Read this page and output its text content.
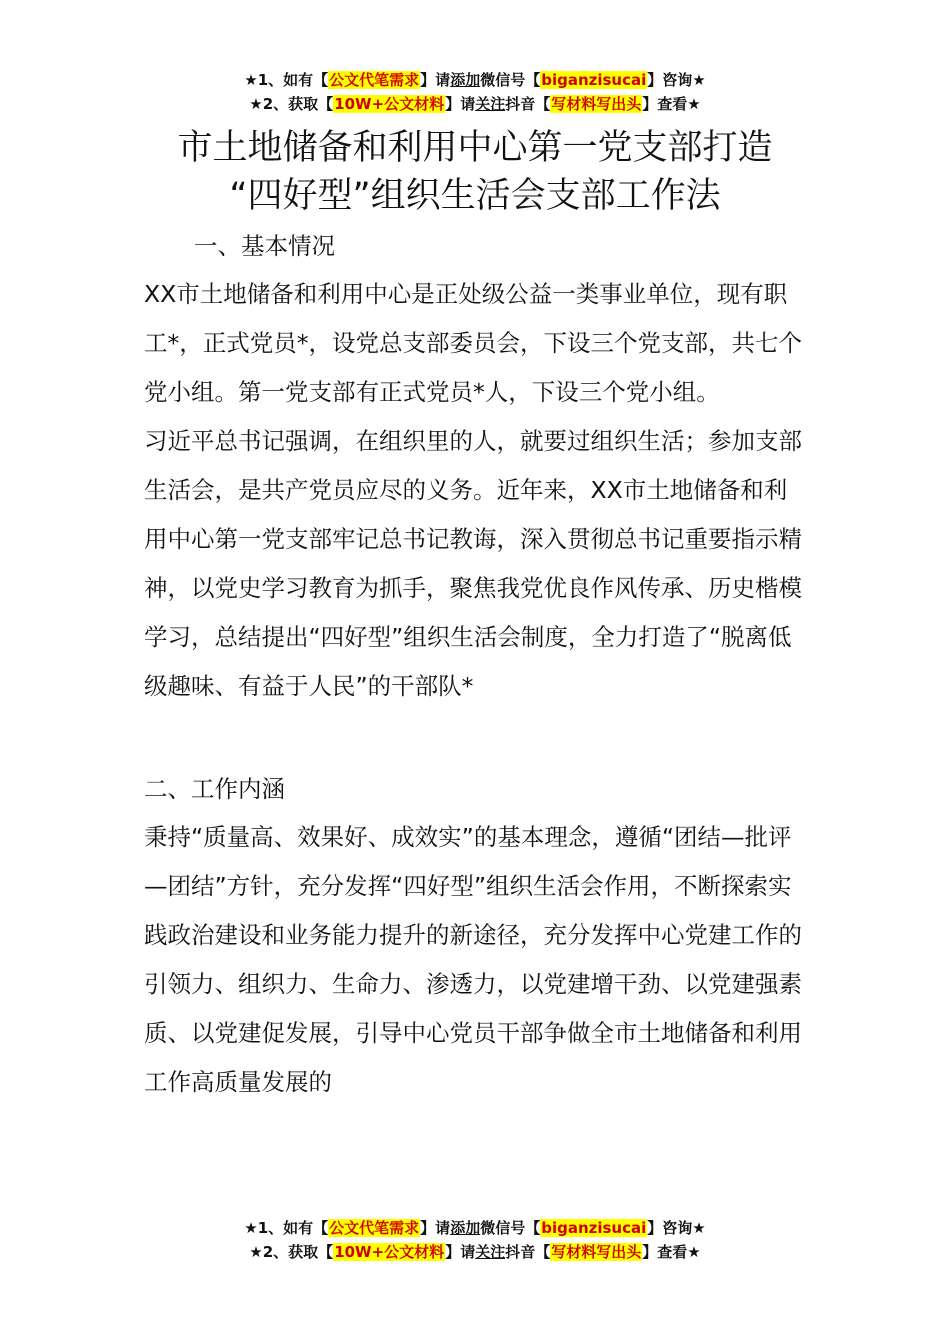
★1、如有【公文代笔需求】请添加微信号【biganzisucai】咨询★
★2、获取【10W+公文材料】请关注抖音【写材料写出头】查看★
市土地储备和利用中心第一党支部打造
“四好型”组织生活会支部工作法
一、基本情况

XX市土地储备和利用中心是正处级公益一类事业单位，现有职工*，正式党员*，设党总支部委员会，下设三个党支部，共七个党小组。第一党支部有正式党员*人，下设三个党小组。

习近平总书记强调，在组织里的人，就要过组织生活；参加支部生活会，是共产党员应尽的义务。近年来，XX市土地储备和利用中心第一党支部牢记总书记教诲，深入贯彻总书记重要指示精神，以党史学习教育为抓手，聚焦我党优良作风传承、历史楷模学习，总结提出“四好型”组织生活会制度，全力打造了“脱离低级趣味、有益于人民”的干部队*

二、工作内涵

秉持“质量高、效果好、成效实”的基本理念，遵循“团结—批评—团结”方针，充分发挥“四好型”组织生活会作用，不断探索实践政治建设和业务能力提升的新途径，充分发挥中心党建工作的引领力、组织力、生命力、渗透力，以党建增干劲、以党建强素质、以党建促发展，引导中心党员干部争做全市土地储备和利用工作高质量发展的

★1、如有【公文代笔需求】请添加微信号【biganzisucai】咨询★
★2、获取【10W+公文材料】请关注抖音【写材料写出头】查看★
